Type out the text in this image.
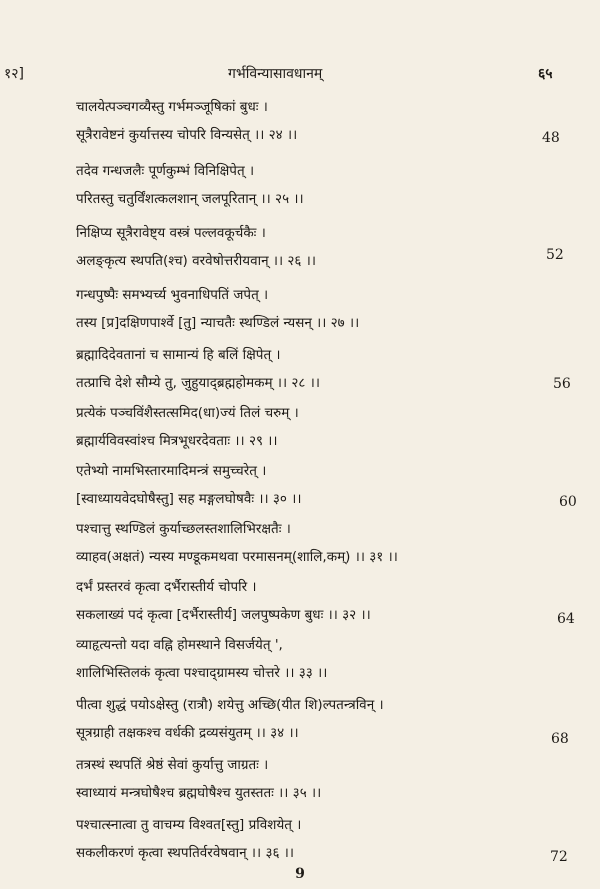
१२]	गर्भविन्यासावधानम्	६५
चालयेत्पञ्चगव्यैस्तु गर्भमञ्जूषिकां बुधः ।
सूत्रैरावेष्टनं कुर्यात्तस्य चोपरि विन्यसेत् ।। २४ ।।
तदेव गन्धजलैः पूर्णकुम्भं विनिक्षिपेत् ।
परितस्तु चतुर्विंशत्कलशान् जलपूरितान् ।। २५ ।।
निक्षिप्य सूत्रैरावेष्ट्य वस्त्रं पल्लवकूर्चकैः ।
अलङ्कृत्य स्थपति(श्च) वरवेषोत्तरीयवान् ।। २६ ।।
गन्धपुष्पैः समभ्यर्च्य भुवनाधिपतिं जपेत् ।
तस्य [प्र]दक्षिणपार्श्वे [तु] न्याचतैः स्थण्डिलं न्यसन् ।। २७ ।।
ब्रह्मादिदेवतानां च सामान्यं हि बलिं क्षिपेत् ।
तत्प्राचि देशे सौम्ये तु, जुहुयाद्ब्रह्महोमकम् ।। २८ ।।
प्रत्येकं पञ्चविंशैस्तत्समिद(धा)ज्यं तिलं चरुम् ।
ब्रह्मार्यविवस्वांश्च मित्रभूधरदेवताः ।। २९ ।।
एतेभ्यो नामभिस्तारमादिमन्त्रं समुच्चरेत् ।
[स्वाध्यायवेदघोषैस्तु] सह मङ्गलघोषवैः ।। ३० ।।
पश्चात्तु स्थण्डिलं कुर्याच्छलस्तशालिभिरक्षतैः ।
व्याहव(अक्षतं) न्यस्य मण्डूकमथवा परमासनम्(शालि,कम्) ।। ३१ ।।
दर्भं प्रस्तरवं कृत्वा दर्भैरास्तीर्य चोपरि ।
सकलाख्यं पदं कृत्वा [दर्भैरास्तीर्य] जलपुष्पकेण बुधः ।। ३२ ।।
व्याहृत्यन्तो यदा वह्नि होमस्थाने विसर्जयेत् ',
शालिभिस्तिलकं कृत्वा पश्चाद्ग्रामस्य चोत्तरे ।। ३३ ।।
पीत्वा शुद्धं पयोऽक्षेस्तु (रात्रौ) शयेत्तु अच्छि(यीत शि)ल्पतन्त्रविन् ।
सूत्रग्राही तक्षकश्च वर्धकी द्रव्यसंयुतम् ।। ३४ ।।
तत्रस्थं स्थपतिं श्रेष्ठं सेवां कुर्यात्तु जाग्रतः ।
स्वाध्यायं मन्त्रघोषैश्च ब्रह्मघोषैश्च युतस्ततः ।। ३५ ।।
पश्चात्स्नात्वा तु वाचम्य विश्वत[स्तु] प्रविशयेत् ।
सकलीकरणं कृत्वा स्थपतिर्वरवेषवान् ।। ३६ ।।
48
52
56
60
64
68
72
9
